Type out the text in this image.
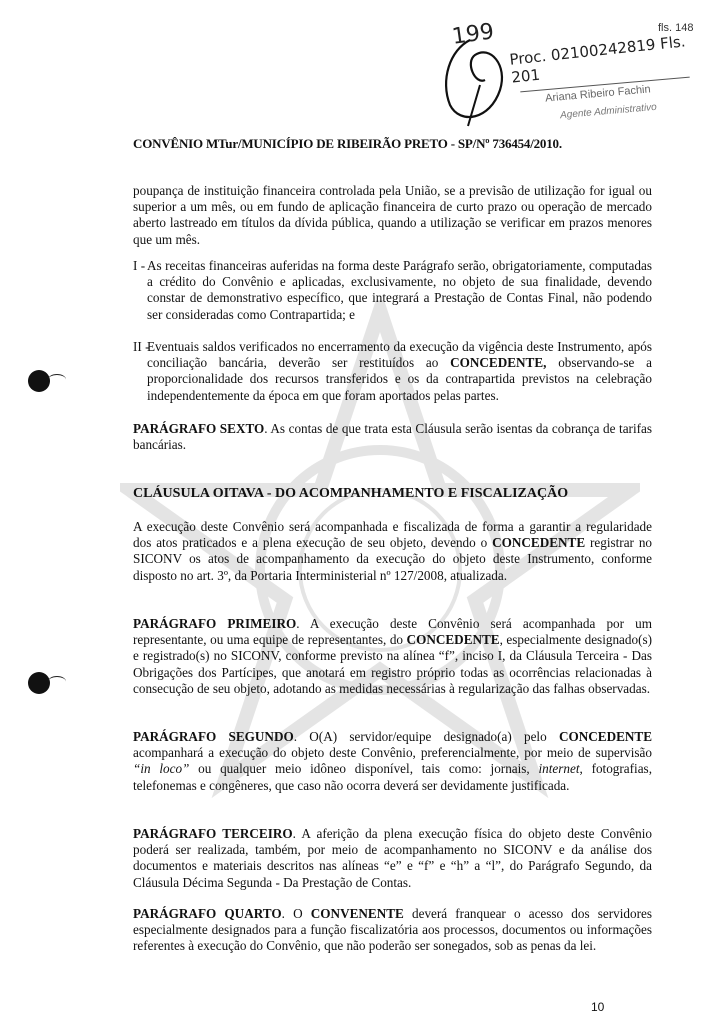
fls. 148
199 Proc. 02100242819 Fls. 201
Ariana Ribeiro Fachin
Agente Administrativo
CONVÊNIO MTur/MUNICÍPIO DE RIBEIRÃO PRETO - SP/Nº 736454/2010.
poupança de instituição financeira controlada pela União, se a previsão de utilização for igual ou superior a um mês, ou em fundo de aplicação financeira de curto prazo ou operação de mercado aberto lastreado em títulos da dívida pública, quando a utilização se verificar em prazos menores que um mês.
I - As receitas financeiras auferidas na forma deste Parágrafo serão, obrigatoriamente, computadas a crédito do Convênio e aplicadas, exclusivamente, no objeto de sua finalidade, devendo constar de demonstrativo específico, que integrará a Prestação de Contas Final, não podendo ser consideradas como Contrapartida; e
II -
Eventuais saldos verificados no encerramento da execução da vigência deste Instrumento, após conciliação bancária, deverão ser restituídos ao CONCEDENTE, observando-se a proporcionalidade dos recursos transferidos e os da contrapartida previstos na celebração independentemente da época em que foram aportados pelas partes.
PARÁGRAFO SEXTO. As contas de que trata esta Cláusula serão isentas da cobrança de tarifas bancárias.
CLÁUSULA OITAVA - DO ACOMPANHAMENTO E FISCALIZAÇÃO
A execução deste Convênio será acompanhada e fiscalizada de forma a garantir a regularidade dos atos praticados e a plena execução de seu objeto, devendo o CONCEDENTE registrar no SICONV os atos de acompanhamento da execução do objeto deste Instrumento, conforme disposto no art. 3º, da Portaria Interministerial nº 127/2008, atualizada.
PARÁGRAFO PRIMEIRO. A execução deste Convênio será acompanhada por um representante, ou uma equipe de representantes, do CONCEDENTE, especialmente designado(s) e registrado(s) no SICONV, conforme previsto na alínea “f”, inciso I, da Cláusula Terceira - Das Obrigações dos Partícipes, que anotará em registro próprio todas as ocorrências relacionadas à consecução de seu objeto, adotando as medidas necessárias à regularização das falhas observadas.
PARÁGRAFO SEGUNDO. O(A) servidor/equipe designado(a) pelo CONCEDENTE acompanhará a execução do objeto deste Convênio, preferencialmente, por meio de supervisão “in loco” ou qualquer meio idôneo disponível, tais como: jornais, internet, fotografias, telefonemas e congêneres, que caso não ocorra deverá ser devidamente justificada.
PARÁGRAFO TERCEIRO. A aferição da plena execução física do objeto deste Convênio poderá ser realizada, também, por meio de acompanhamento no SICONV e da análise dos documentos e materiais descritos nas alíneas “e” e “f” e “h” a “l”, do Parágrafo Segundo, da Cláusula Décima Segunda - Da Prestação de Contas.
PARÁGRAFO QUARTO. O CONVENENTE deverá franquear o acesso dos servidores especialmente designados para a função fiscalizatória aos processos, documentos ou informações referentes à execução do Convênio, que não poderão ser sonegados, sob as penas da lei.
10
